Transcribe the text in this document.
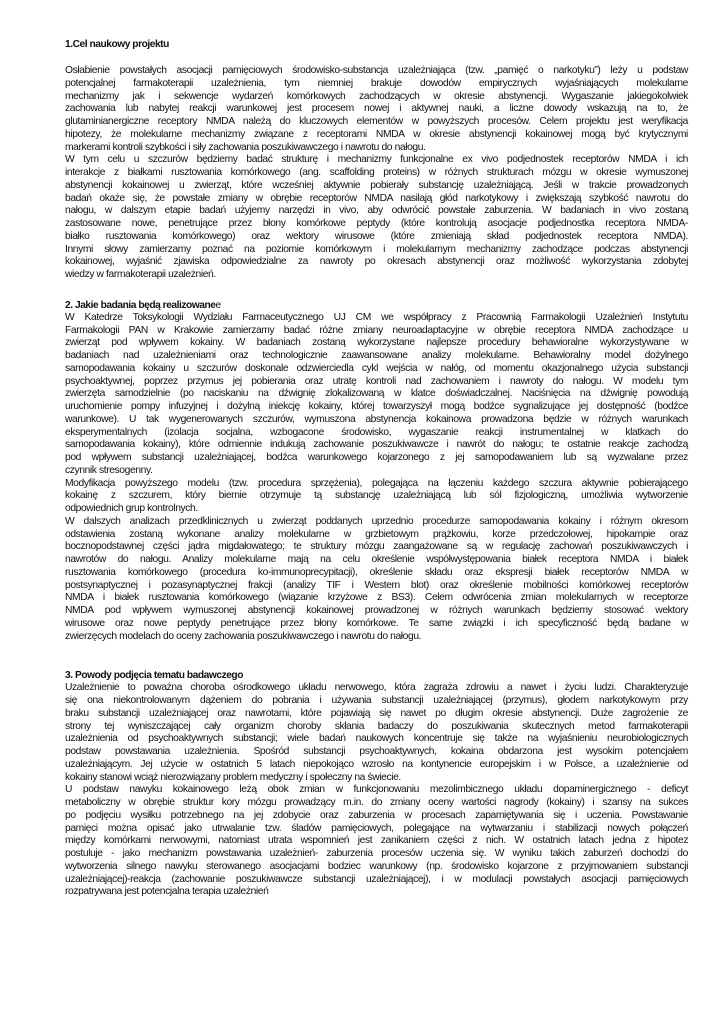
1.Cel naukowy projektu

Osłabienie powstałych asocjacji pamięciowych środowisko-substancja uzależniająca (tzw. „pamięć o narkotyku”) leży u podstaw

potencjalnej farmakoterapii uzależnienia, tym niemniej brakuje dowodów empirycznych wyjaśniających molekularne

mechanizmy jak i sekwencje wydarzeń komórkowych zachodzących w okresie abstynencji. Wygaszanie jakiegokolwiek

zachowania lub nabytej reakcji warunkowej jest procesem nowej i aktywnej nauki, a liczne dowody wskazują na to, że

glutaminianergiczne receptory NMDA należą do kluczowych elementów w powyższych procesów. Celem projektu jest weryfikacja

hipotezy, że molekularne mechanizmy związane z receptorami NMDA w okresie abstynencji kokainowej mogą być krytycznymi

markerami kontroli szybkości i siły zachowania poszukiwawczego i nawrotu do nałogu.

W tym celu u szczurów będziemy badać strukturę i mechanizmy funkcjonalne ex vivo podjednostek receptorów NMDA i ich

interakcje z białkami rusztowania komórkowego (ang. scaffolding proteins) w różnych strukturach mózgu w okresie wymuszonej

abstynencji kokainowej u zwierząt, które wcześniej aktywnie pobierały substancję uzależniającą. Jeśli w trakcie prowadzonych

badań okaże się, że powstałe zmiany w obrębie receptorów NMDA nasilają głód narkotykowy i zwiększają szybkość nawrotu do

nałogu, w dalszym etapie badań użyjemy narzędzi in vivo, aby odwrócić powstałe zaburzenia. W badaniach in vivo zostaną

zastosowane nowe, penetrujące przez błony komórkowe peptydy (które kontrolują asocjacje podjednostka receptora NMDA-

białko rusztowania komórkowego) oraz wektory wirusowe (które zmieniają skład podjednostek receptora NMDA).

Innymi słowy zamierzamy poznać na poziomie komórkowym i molekularnym mechanizmy zachodzące podczas abstynencji

kokainowej, wyjaśnić zjawiska odpowiedzialne za nawroty po okresach abstynencji oraz możliwość wykorzystania zdobytej

wiedzy w farmakoterapii uzależnień.

2. Jakie badania będą realizowanee

W Katedrze Toksykologii Wydziału Farmaceutycznego UJ CM we współpracy z Pracownią Farmakologii Uzależnień Instytutu

Farmakologii PAN w Krakowie zamierzamy badać różne zmiany neuroadaptacyjne w obrębie receptora NMDA zachodzące u

zwierząt pod wpływem kokainy. W badaniach zostaną wykorzystane najlepsze procedury behawioralne wykorzystywane w

badaniach nad uzależnieniami oraz technologicznie zaawansowane analizy molekularne. Behawioralny model dożylnego

samopodawania kokainy u szczurów doskonale odzwierciedla cykl wejścia w nałóg, od momentu okazjonalnego użycia substancji

psychoaktywnej, poprzez przymus jej pobierania oraz utratę kontroli nad zachowaniem i nawroty do nałogu. W modelu tym

zwierzęta samodzielnie (po naciskaniu na dźwignię zlokalizowaną w klatce doświadczalnej. Naciśnięcia na dźwignię powodują

uruchomienie pompy infuzyjnej i dożylną iniekcję kokainy, której towarzyszył mogą bodźce sygnalizujące jej dostępność (bodźce

warunkowe). U tak wygenerowanych szczurów, wymuszona abstynencja kokainowa prowadzona będzie w różnych warunkach

eksperymentalnych (izolacja socjalna, wzbogacone środowisko, wygaszanie reakcji instrumentalnej w klatkach do

samopodawania kokainy), które odmiennie indukują zachowanie poszukiwawcze i nawrót do nałogu; te ostatnie reakcje zachodzą

pod wpływem substancji uzależniającej, bodźca warunkowego kojarzonego z jej samopodawaniem lub są wyzwalane przez

czynnik stresogenny.

Modyfikacja powyższego modelu (tzw. procedura sprzężenia), polegająca na łączeniu każdego szczura aktywnie pobierającego

kokainę z szczurem, który biernie otrzymuje tą substancję uzależniającą lub sól fizjologiczną, umożliwia wytworzenie

odpowiednich grup kontrolnych.

W dalszych analizach przedklinicznych u zwierząt poddanych uprzednio procedurze samopodawania kokainy i różnym okresom

odstawienia zostaną wykonane analizy molekularne w grzbietowym prążkowiu, korze przedczołowej, hipokampie oraz

bocznopodstawnej części jądra migdałowatego; te struktury mózgu zaangażowane są w regulację zachowań poszukiwawczych i

nawrotów do nałogu. Analizy molekularne mają na celu określenie współwystępowania białek receptora NMDA i białek

rusztowania komórkowego (procedura ko-immunoprecypitacji), określenie składu oraz ekspresji białek receptorów NMDA w

postsynaptycznej i pozasynaptycznej frakcji (analizy TIF i Western blot) oraz określenie mobilności komórkowej receptorów

NMDA i białek rusztowania komórkowego (wiązanie krzyżowe z BS3). Celem odwrócenia zmian molekularnych w receptorze

NMDA pod wpływem wymuszonej abstynencji kokainowej prowadzonej w różnych warunkach będziemy stosować wektory

wirusowe oraz nowe peptydy penetrujące przez błony komórkowe. Te same związki i ich specyficzność będą badane w

zwierzęcych modelach do oceny zachowania poszukiwawczego i nawrotu do nałogu.

3. Powody podjęcia tematu badawczego

Uzależnienie to poważna choroba ośrodkowego układu nerwowego, która zagraża zdrowiu a nawet i życiu ludzi. Charakteryzuje

się ona niekontrolowanym dążeniem do pobrania i używania substancji uzależniającej (przymus), głodem narkotykowym przy

braku substancji uzależniającej oraz nawrotami, które pojawiają się nawet po długim okresie abstynencji. Duże zagrożenie ze

strony tej wyniszczającej cały organizm choroby skłania badaczy do poszukiwania skutecznych metod farmakoterapii

uzależnienia od psychoaktywnych substancji; wiele badań naukowych koncentruje się także na wyjaśnieniu neurobiologicznych

podstaw powstawania uzależnienia. Spośród substancji psychoaktywnych, kokaina obdarzona jest wysokim potencjałem

uzależniającym. Jej użycie w ostatnich 5 latach niepokojąco wzrosło na kontynencie europejskim i w Polsce, a uzależnienie od

kokainy stanowi wciąż nierozwiązany problem medyczny i społeczny na świecie.

U podstaw nawyku kokainowego leżą obok zmian w funkcjonowaniu mezolimbicznego układu dopaminergicznego - deficyt

metaboliczny w obrębie struktur kory mózgu prowadzący m.in. do zmiany oceny wartości nagrody (kokainy) i szansy na sukces

po podjęciu wysiłku potrzebnego na jej zdobycie oraz zaburzenia w procesach zapamiętywania się i uczenia. Powstawanie

pamięci można opisać jako utrwalanie tzw. śladów pamięciowych, polegające na wytwarzaniu i stabilizacji nowych połączeń

między komórkami nerwowymi, natomiast utrata wspomnień jest zanikaniem części z nich. W ostatnich latach jedna z hipotez

postuluje - jako mechanizm powstawania uzależnień- zaburzenia procesów uczenia się. W wyniku takich zaburzeń dochodzi do

wytworzenia silnego nawyku sterowanego asocjacjami bodziec warunkowy (np. środowisko kojarzone z przyjmowaniem substancji

uzależniającej)-reakcja (zachowanie poszukiwawcze substancji uzależniającej), i w modulacji powstałych asocjacji pamięciowych

rozpatrywana jest potencjalna terapia uzależnień
